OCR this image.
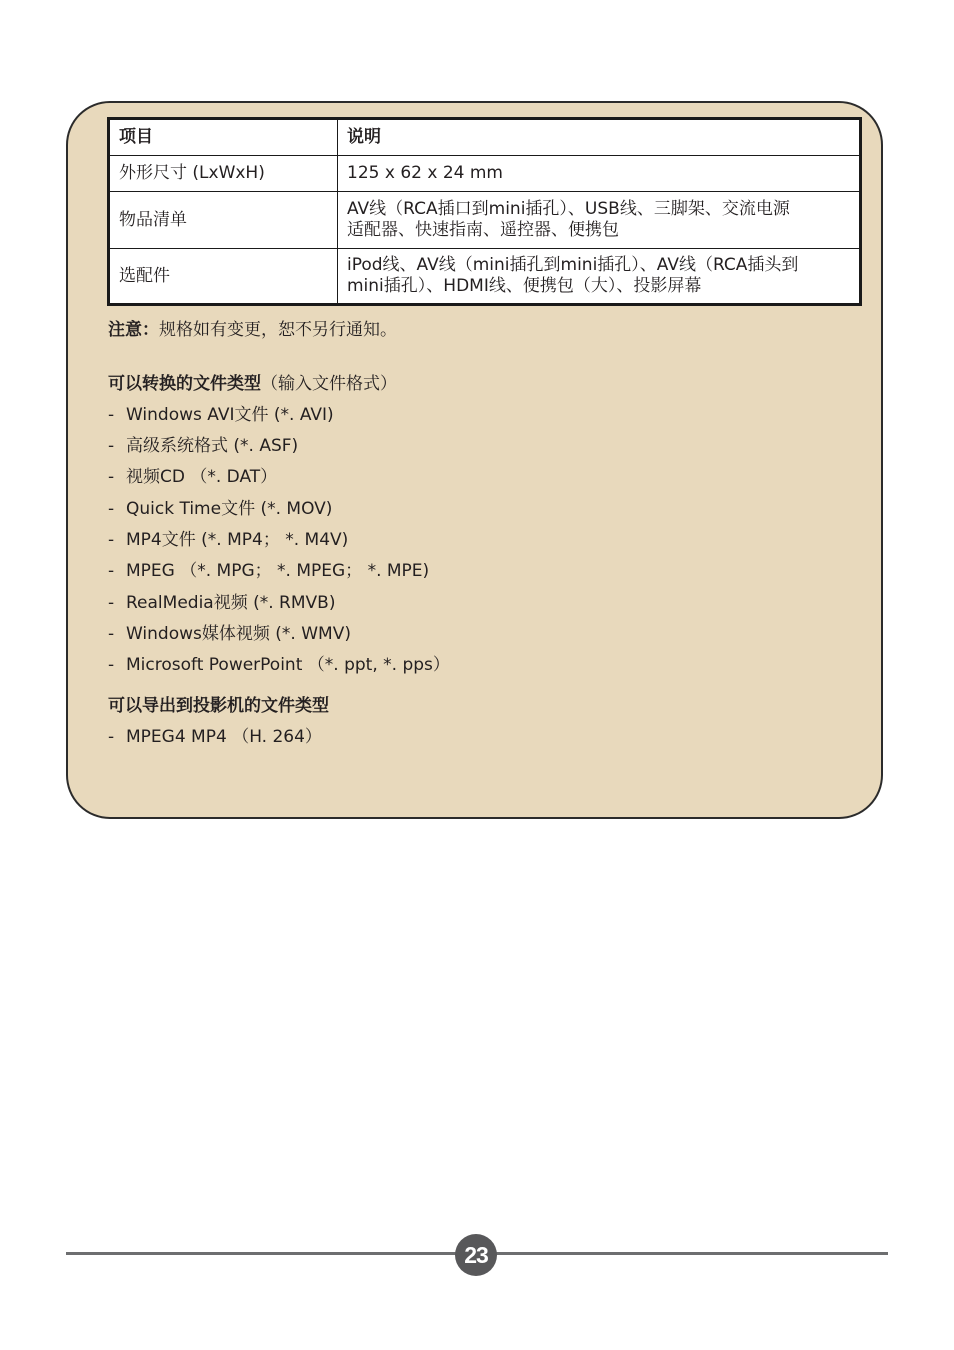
项目	说明
外形尺寸 (LxWxH)	125 x 62 x 24 mm
物品清单	AV线（RCA插口到mini插孔）、USB线、三脚架、交流电源
适配器、快速指南、遥控器、便携包

选配件	iPod线、AV线（mini插孔到mini插孔）、AV线（RCA插头到
mini插孔）、HDMI线、便携包（大）、投影屏幕
注意：规格如有变更，恕不另行通知。
可以转换的文件类型（输入文件格式）
- Windows AVI文件 (*. AVI)
- 高级系统格式 (*. ASF)
- 视频CD （*. DAT）
- Quick Time文件 (*. MOV)
- MP4文件 (*. MP4； *. M4V)
- MPEG （*. MPG； *. MPEG； *. MPE)
- RealMedia视频 (*. RMVB)
- Windows媒体视频 (*. WMV)
- Microsoft PowerPoint （*. ppt, *. pps）
可以导出到投影机的文件类型
- MPEG4 MP4 （H. 264）
23
